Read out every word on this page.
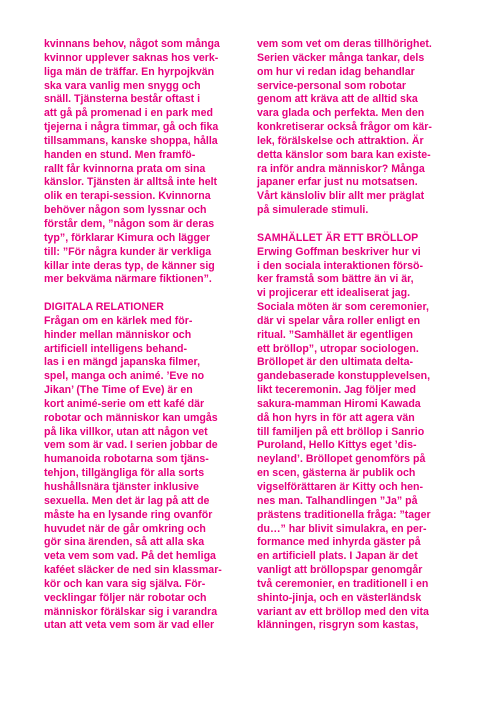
kvinnans behov, något som många
kvinnor upplever saknas hos verk-
liga män de träffar. En hyrpojkvän
ska vara vanlig men snygg och
snäll. Tjänsterna består oftast i
att gå på promenad i en park med
tjejerna i några timmar, gå och fika
tillsammans, kanske shoppa, hålla
handen en stund. Men framfö-
rallt får kvinnorna prata om sina
känslor. Tjänsten är alltså inte helt
olik en terapi-session. Kvinnorna
behöver någon som lyssnar och
förstår dem, ”någon som är deras
typ”, förklarar Kimura och lägger
till: ”För några kunder är verkliga
killar inte deras typ, de känner sig
mer bekväma närmare fiktionen”.
DIGITALA RELATIONER
Frågan om en kärlek med för-
hinder mellan människor och
artificiell intelligens behand-
las i en mängd japanska filmer,
spel, manga och animé. ’Eve no
Jikan’ (The Time of Eve) är en
kort animé-serie om ett kafé där
robotar och människor kan umgås
på lika villkor, utan att någon vet
vem som är vad. I serien jobbar de
humanoida robotarna som tjäns-
tehjon, tillgängliga för alla sorts
hushållsnära tjänster inklusive
sexuella. Men det är lag på att de
måste ha en lysande ring ovanför
huvudet när de går omkring och
gör sina ärenden, så att alla ska
veta vem som vad. På det hemliga
kaféet släcker de ned sin klassmar-
kör och kan vara sig själva. För-
vecklingar följer när robotar och
människor förälskar sig i varandra
utan att veta vem som är vad eller
vem som vet om deras tillhörighet.
Serien väcker många tankar, dels
om hur vi redan idag behandlar
service-personal som robotar
genom att kräva att de alltid ska
vara glada och perfekta. Men den
konkretiserar också frågor om kär-
lek, förälskelse och attraktion. Är
detta känslor som bara kan existe-
ra inför andra människor? Många
japaner erfar just nu motsatsen.
Vårt känsloliv blir allt mer präglat
på simulerade stimuli.
SAMHÄLLET ÄR ETT BRÖLLOP
Erwing Goffman beskriver hur vi
i den sociala interaktionen försö-
ker framstå som bättre än vi är,
vi projicerar ett idealiserat jag.
Sociala möten är som ceremonier,
där vi spelar våra roller enligt en
ritual. ”Samhället är egentligen
ett bröllop”, utropar sociologen.
Bröllopet är den ultimata delta-
gandebaserade konstupplevelsen,
likt teceremonin. Jag följer med
sakura-mamman Hiromi Kawada
då hon hyrs in för att agera vän
till familjen på ett bröllop i Sanrio
Puroland, Hello Kittys eget ’dis-
neyland’. Bröllopet genomförs på
en scen, gästerna är publik och
vigselförättaren är Kitty och hen-
nes man. Talhandlingen ”Ja” på
prästens traditionella fråga: ”tager
du…” har blivit simulakra, en per-
formance med inhyrda gäster på
en artificiell plats. I Japan är det
vanligt att bröllopspar genomgår
två ceremonier, en traditionell i en
shinto-jinja, och en västerländsk
variant av ett bröllop med den vita
klänningen, risgryn som kastas,
